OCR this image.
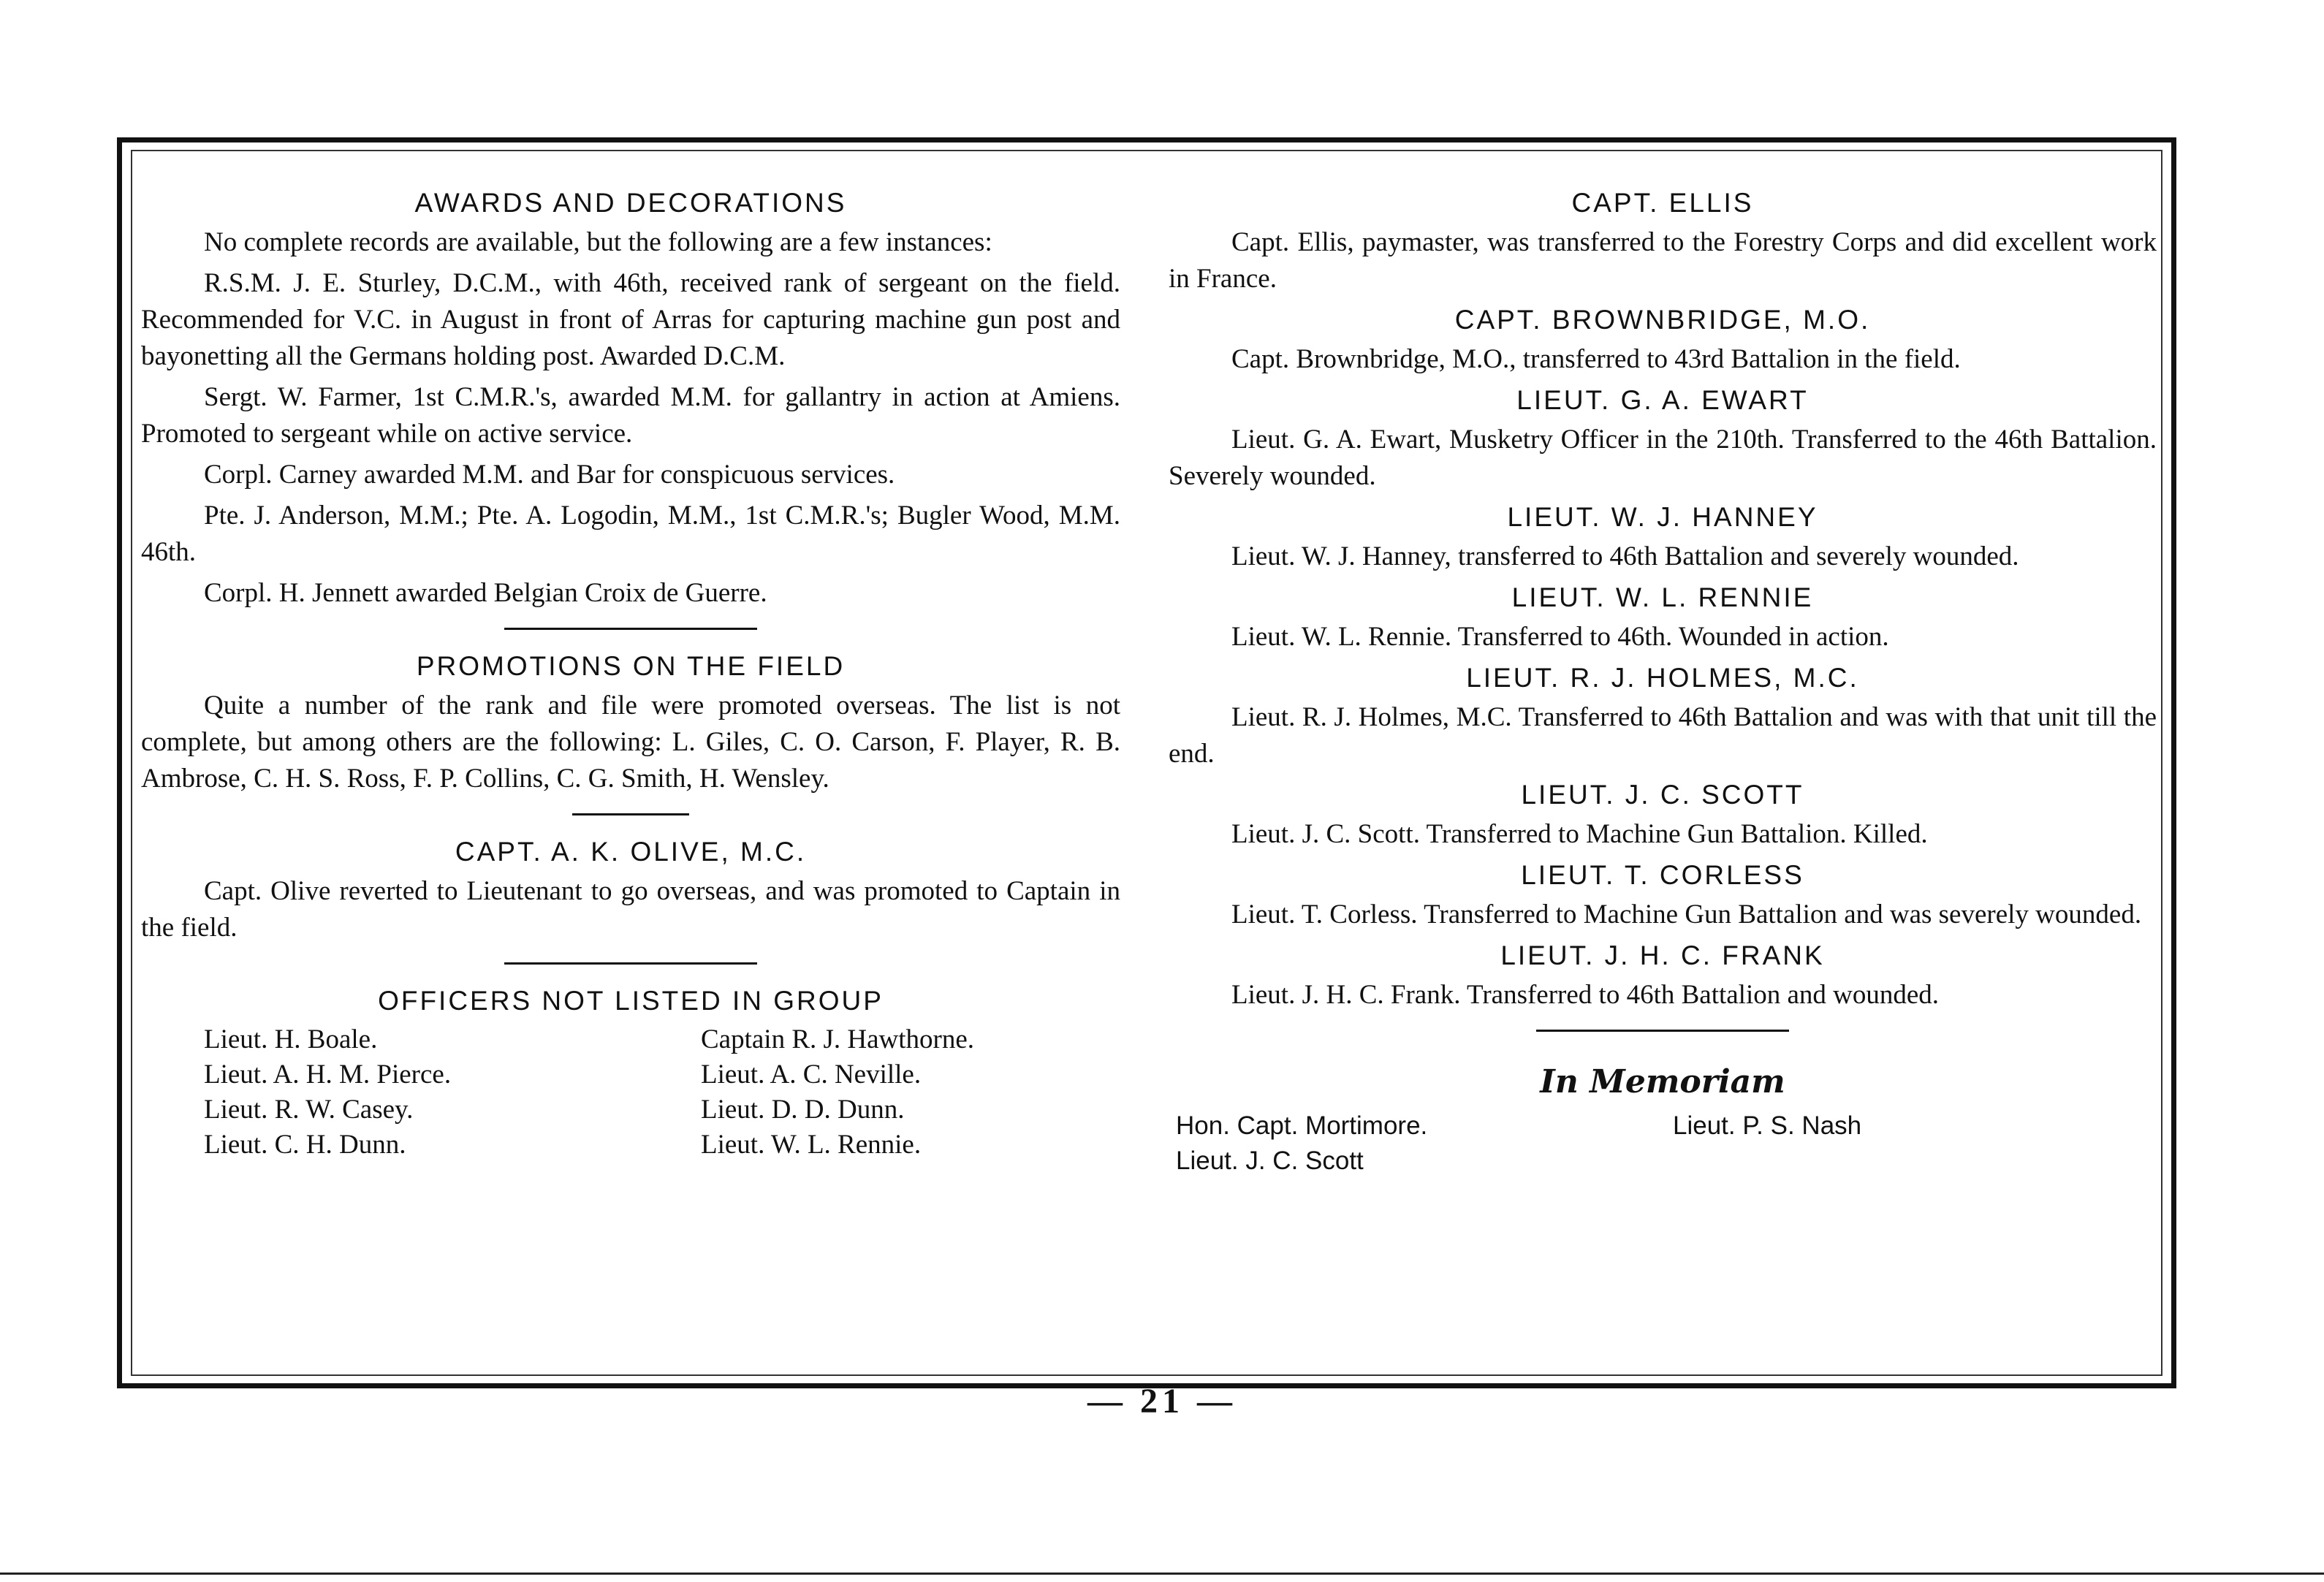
AWARDS AND DECORATIONS

No complete records are available, but the following are a few instances:

R.S.M. J. E. Sturley, D.C.M., with 46th, received rank of sergeant on the field. Recommended for V.C. in August in front of Arras for capturing machine gun post and bayonetting all the Germans holding post. Awarded D.C.M.

Sergt. W. Farmer, 1st C.M.R.'s, awarded M.M. for gallantry in action at Amiens. Promoted to sergeant while on active service.

Corpl. Carney awarded M.M. and Bar for conspicuous services.

Pte. J. Anderson, M.M.; Pte. A. Logodin, M.M., 1st C.M.R.'s; Bugler Wood, M.M. 46th.

Corpl. H. Jennett awarded Belgian Croix de Guerre.

PROMOTIONS ON THE FIELD

Quite a number of the rank and file were promoted overseas. The list is not complete, but among others are the following: L. Giles, C. O. Carson, F. Player, R. B. Ambrose, C. H. S. Ross, F. P. Collins, C. G. Smith, H. Wensley.

CAPT. A. K. OLIVE, M.C.

Capt. Olive reverted to Lieutenant to go overseas, and was promoted to Captain in the field.

OFFICERS NOT LISTED IN GROUP
Lieut. H. Boale.	Captain R. J. Hawthorne.
Lieut. A. H. M. Pierce.	Lieut. A. C. Neville.
Lieut. R. W. Casey.	Lieut. D. D. Dunn.
Lieut. C. H. Dunn.	Lieut. W. L. Rennie.
CAPT. ELLIS

Capt. Ellis, paymaster, was transferred to the Forestry Corps and did excellent work in France.

CAPT. BROWNBRIDGE, M.O.

Capt. Brownbridge, M.O., transferred to 43rd Battalion in the field.

LIEUT. G. A. EWART

Lieut. G. A. Ewart, Musketry Officer in the 210th. Transferred to the 46th Battalion. Severely wounded.

LIEUT. W. J. HANNEY

Lieut. W. J. Hanney, transferred to 46th Battalion and severely wounded.

LIEUT. W. L. RENNIE

Lieut. W. L. Rennie. Transferred to 46th. Wounded in action.

LIEUT. R. J. HOLMES, M.C.

Lieut. R. J. Holmes, M.C. Transferred to 46th Battalion and was with that unit till the end.

LIEUT. J. C. SCOTT

Lieut. J. C. Scott. Transferred to Machine Gun Battalion. Killed.

LIEUT. T. CORLESS

Lieut. T. Corless. Transferred to Machine Gun Battalion and was severely wounded.

LIEUT. J. H. C. FRANK

Lieut. J. H. C. Frank. Transferred to 46th Battalion and wounded.

In Memoriam
Hon. Capt. Mortimore.	Lieut. P. S. Nash
Lieut. J. C. Scott
— 21 —
